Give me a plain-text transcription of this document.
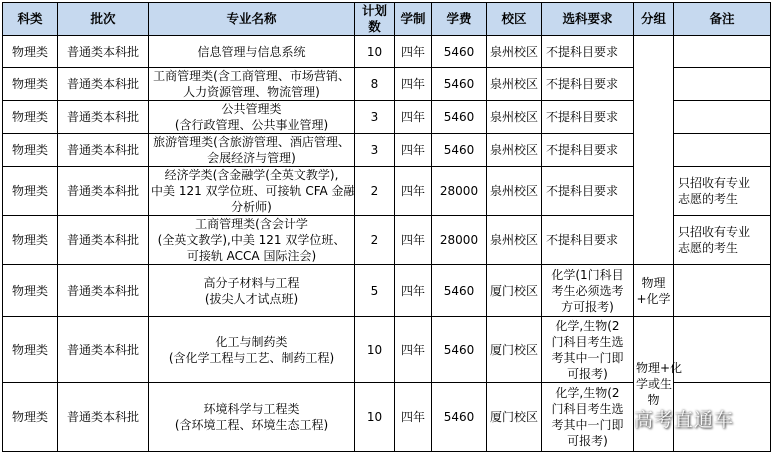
科类	批次	专业名称	计划数	学制	学费	校区	选科要求	分组	备注
物理类	普通类本科批	信息管理与信息系统	10	四年	5460	泉州校区	不提科目要求		

物理类	普通类本科批	工商管理类(含工商管理、市场营销、
人力资源管理、物流管理)	8	四年	5460	泉州校区	不提科目要求		

物理类	普通类本科批	公共管理类
(含行政管理、公共事业管理)	3	四年	5460	泉州校区	不提科目要求		

物理类	普通类本科批	旅游管理类(含旅游管理、酒店管理、
会展经济与管理)	3	四年	5460	泉州校区	不提科目要求		

物理类	普通类本科批	经济学类(含金融学(全英文教学),
中美 121 双学位班、可接轨 CFA 金融
分析师)	2	四年	28000	泉州校区	不提科目要求		只招收有专业
志愿的考生

物理类	普通类本科批	工商管理类(含会计学
(全英文教学),中美 121 双学位班、
可接轨 ACCA 国际注会)	2	四年	28000	泉州校区	不提科目要求		只招收有专业
志愿的考生

物理类	普通类本科批	高分子材料与工程
(拔尖人才试点班)	5	四年	5460	厦门校区	化学(1门科目
考生必须选考
方可报考)	物理
+化学	

物理类	普通类本科批	化工与制药类
(含化学工程与工艺、制药工程)	10	四年	5460	厦门校区	化学,生物(2
门科目考生选
考其中一门即
可报考)	物理+化
学或生
物	

物理类	普通类本科批	环境科学与工程类
(含环境工程、环境生态工程)	10	四年	5460	厦门校区	化学,生物(2
门科目考生选
考其中一门即
可报考)		

高考直通车
